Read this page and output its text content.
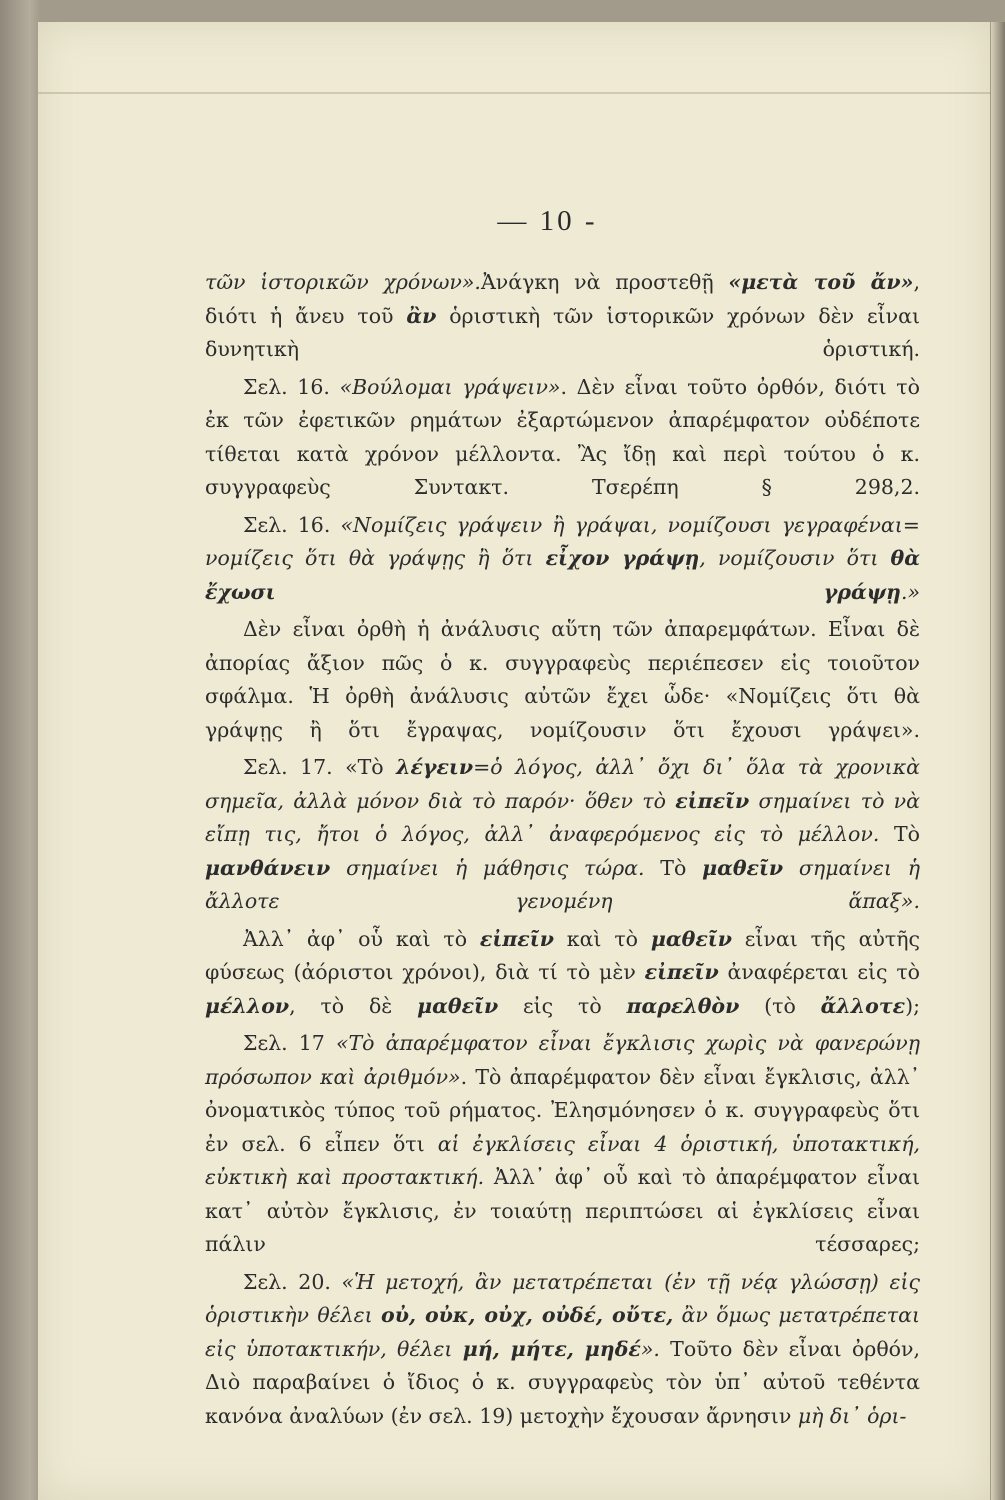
— 10 -

τῶν ἱστορικῶν χρόνων».Ἀνάγκη νὰ προστεθῇ «μετὰ τοῦ ἄν», διότι ἡ ἄνευ τοῦ ἂν ὁριστικὴ τῶν ἱστορικῶν χρόνων δὲν εἶναι δυνητικὴ ὁριστική.

Σελ. 16. «Βούλομαι γράψειν». Δὲν εἶναι τοῦτο ὀρθόν, διότι τὸ ἐκ τῶν ἐφετικῶν ρημάτων ἐξαρτώμενον ἀπαρέμφατον οὐδέποτε τίθεται κατὰ χρόνον μέλλοντα. Ἂς ἴδῃ καὶ περὶ τούτου ὁ κ. συγγραφεὺς Συντακτ. Τσερέπη § 298,2.

Σελ. 16. «Νομίζεις γράψειν ἢ γράψαι, νομίζουσι γεγραφέναι= νομίζεις ὅτι θὰ γράψῃς ἢ ὅτι εἶχον γράψῃ, νομίζουσιν ὅτι θὰ ἔχωσι γράψῃ.»

Δὲν εἶναι ὀρθὴ ἡ ἀνάλυσις αὕτη τῶν ἀπαρεμφάτων. Εἶναι δὲ ἀπορίας ἄξιον πῶς ὁ κ. συγγραφεὺς περιέπεσεν εἰς τοιοῦτον σφάλμα. Ἡ ὀρθὴ ἀνάλυσις αὐτῶν ἔχει ὧδε· «Νομίζεις ὅτι θὰ γράψῃς ἢ ὅτι ἔγραψας, νομίζουσιν ὅτι ἔχουσι γράψει».

Σελ. 17. «Τὸ λέγειν=ὁ λόγος, ἀλλ᾽ ὄχι δι᾽ ὅλα τὰ χρονικὰ σημεῖα, ἀλλὰ μόνον διὰ τὸ παρόν· ὅθεν τὸ εἰπεῖν σημαίνει τὸ νὰ εἴπῃ τις, ἤτοι ὁ λόγος, ἀλλ᾽ ἀναφερόμενος εἰς τὸ μέλλον. Τὸ μανθάνειν σημαίνει ἡ μάθησις τώρα. Τὸ μαθεῖν σημαίνει ἡ ἄλλοτε γενομένη ἅπαξ».

Ἀλλ᾽ ἀφ᾽ οὗ καὶ τὸ εἰπεῖν καὶ τὸ μαθεῖν εἶναι τῆς αὐτῆς φύσεως (ἀόριστοι χρόνοι), διὰ τί τὸ μὲν εἰπεῖν ἀναφέρεται εἰς τὸ μέλλον, τὸ δὲ μαθεῖν εἰς τὸ παρελθὸν (τὸ ἄλλοτε);

Σελ. 17 «Τὸ ἀπαρέμφατον εἶναι ἔγκλισις χωρὶς νὰ φανερώνῃ πρόσωπον καὶ ἀριθμόν». Τὸ ἀπαρέμφατον δὲν εἶναι ἔγκλισις, ἀλλ᾽ ὀνοματικὸς τύπος τοῦ ρήματος. Ἐλησμόνησεν ὁ κ. συγγραφεὺς ὅτι ἐν σελ. 6 εἶπεν ὅτι αἱ ἐγκλίσεις εἶναι 4 ὁριστική, ὑποτακτική, εὐκτικὴ καὶ προστακτική. Ἀλλ᾽ ἀφ᾽ οὗ καὶ τὸ ἀπαρέμφατον εἶναι κατ᾽ αὐτὸν ἔγκλισις, ἐν τοιαύτῃ περιπτώσει αἱ ἐγκλίσεις εἶναι πάλιν τέσσαρες;

Σελ. 20. «Ἡ μετοχή, ἂν μετατρέπεται (ἐν τῇ νέᾳ γλώσσῃ) εἰς ὁριστικὴν θέλει οὐ, οὐκ, οὐχ, οὐδέ, οὔτε, ἂν ὅμως μετατρέπεται εἰς ὑποτακτικήν, θέλει μή, μήτε, μηδέ». Τοῦτο δὲν εἶναι ὀρθόν, Διὸ παραβαίνει ὁ ἴδιος ὁ κ. συγγραφεὺς τὸν ὑπ᾽ αὐτοῦ τεθέντα κανόνα ἀναλύων (ἐν σελ. 19) μετοχὴν ἔχουσαν ἄρνησιν μὴ δι᾽ ὁρι-
